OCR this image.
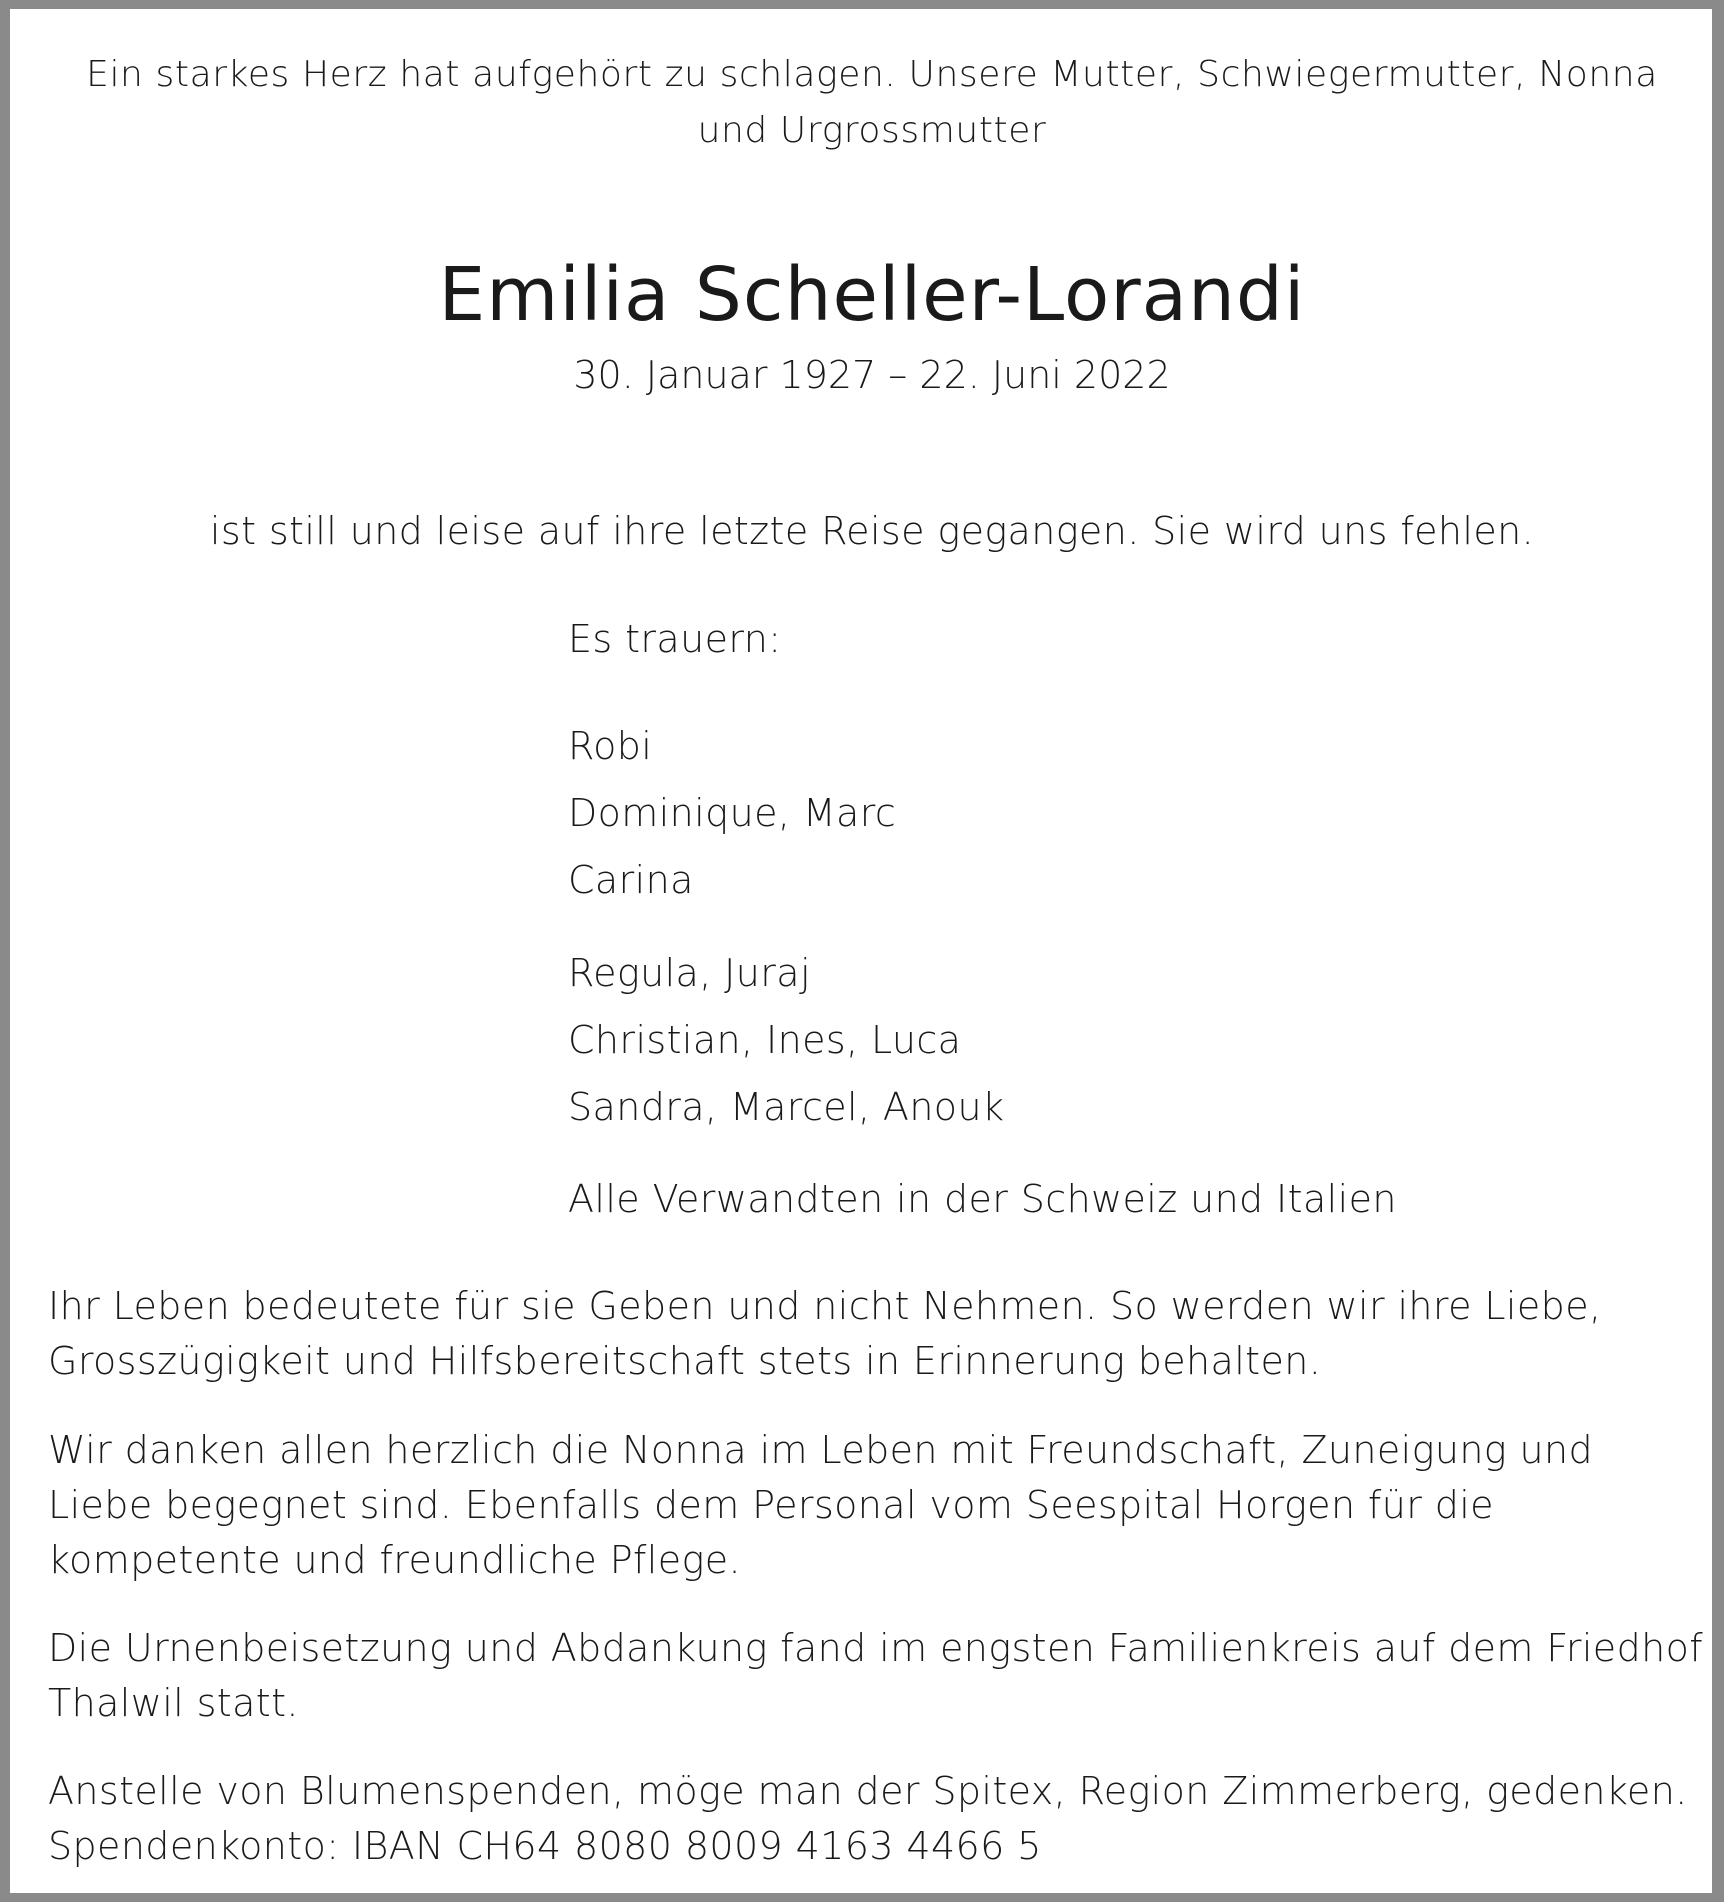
Ein starkes Herz hat aufgehört zu schlagen. Unsere Mutter, Schwiegermutter, Nonna und Urgrossmutter

Emilia Scheller-Lorandi

30. Januar 1927 – 22. Juni 2022

ist still und leise auf ihre letzte Reise gegangen. Sie wird uns fehlen.

Es trauern:

Robi

Dominique, Marc

Carina

Regula, Juraj

Christian, Ines, Luca

Sandra, Marcel, Anouk

Alle Verwandten in der Schweiz und Italien

Ihr Leben bedeutete für sie Geben und nicht Nehmen. So werden wir ihre Liebe, Grosszügigkeit und Hilfsbereitschaft stets in Erinnerung behalten.

Wir danken allen herzlich die Nonna im Leben mit Freundschaft, Zuneigung und Liebe begegnet sind. Ebenfalls dem Personal vom Seespital Horgen für die kompetente und freundliche Pflege.

Die Urnenbeisetzung und Abdankung fand im engsten Familienkreis auf dem Friedhof Thalwil statt.

Anstelle von Blumenspenden, möge man der Spitex, Region Zimmerberg, gedenken. Spendenkonto: IBAN CH64 8080 8009 4163 4466 5
